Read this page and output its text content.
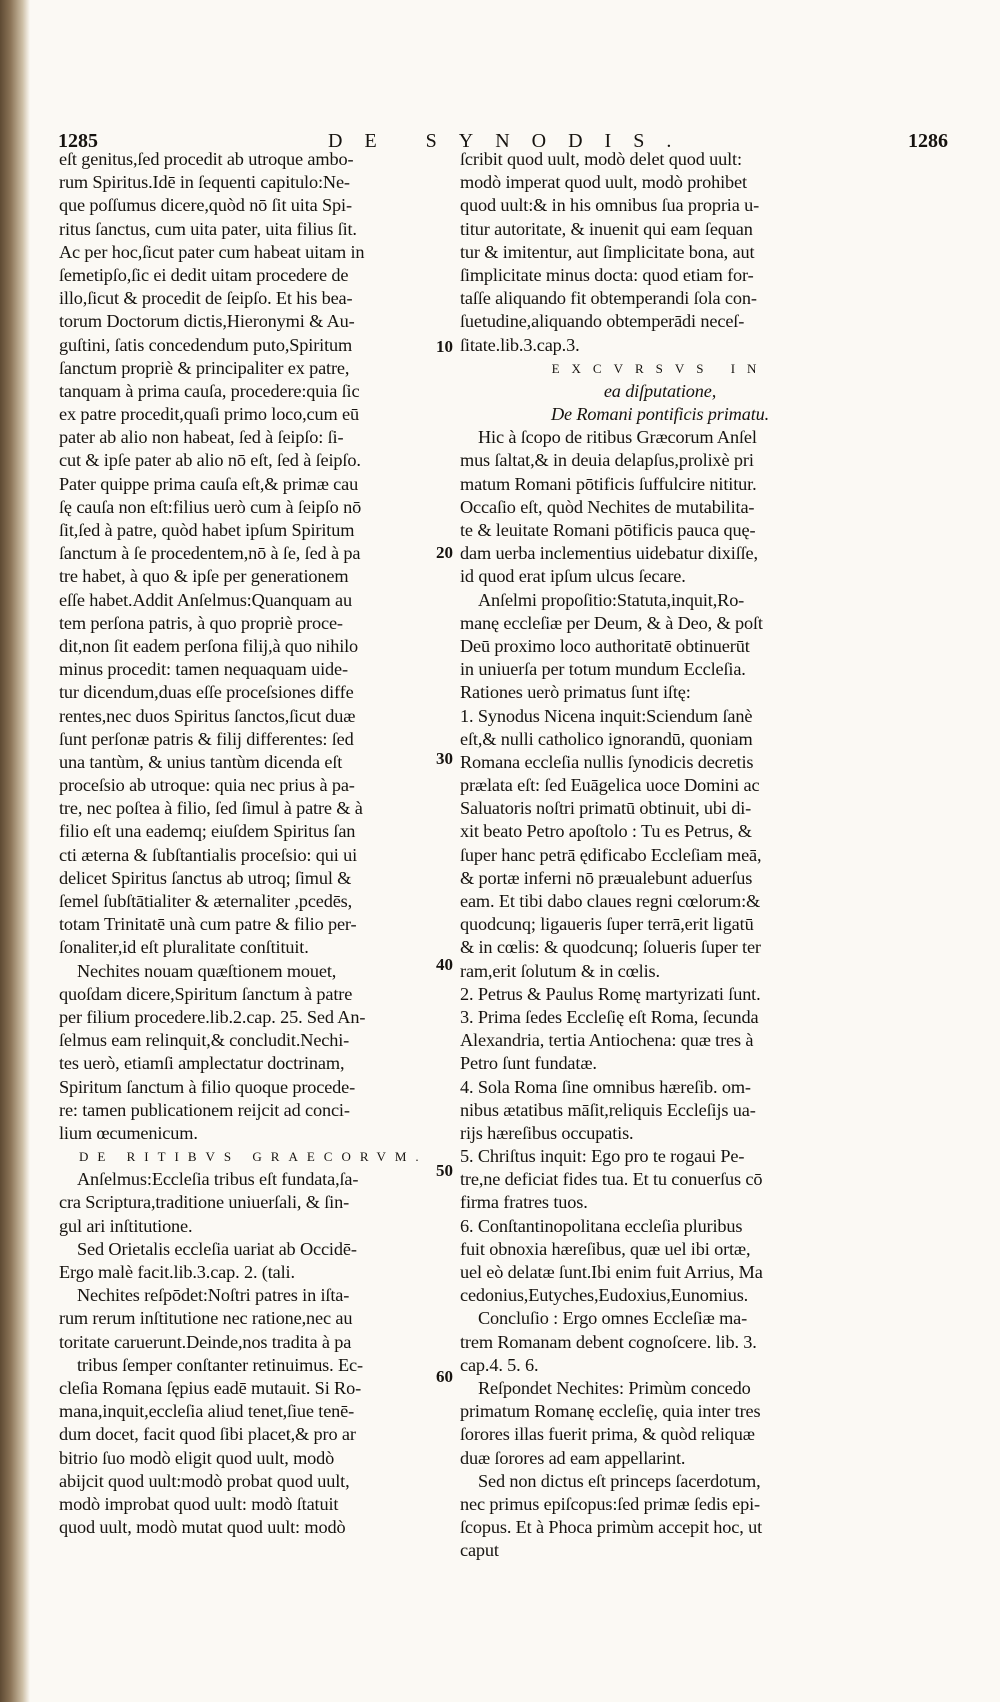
1285	DE SYNODIS.	1286
eſt genitus,ſed procedit ab utroque ambo-
rum Spiritus.Idē in ſequenti capitulo:Ne-
que poſſumus dicere,quòd nō ſit uita Spi-
ritus ſanctus, cum uita pater, uita filius ſit.
Ac per hoc,ſicut pater cum habeat uitam in
ſemetipſo,ſic ei dedit uitam procedere de
illo,ſicut & procedit de ſeipſo. Et his bea-
torum Doctorum dictis,Hieronymi & Au-
guſtini, ſatis concedendum puto,Spiritum
ſanctum propriè & principaliter ex patre,
tanquam à prima cauſa, procedere:quia ſic
ex patre procedit,quaſi primo loco,cum eū
pater ab alio non habeat, ſed à ſeipſo: ſi-
cut & ipſe pater ab alio nō eſt, ſed à ſeipſo.
Pater quippe prima cauſa eſt,& primæ cau
ſę cauſa non eſt:filius uerò cum à ſeipſo nō
ſit,ſed à patre, quòd habet ipſum Spiritum
ſanctum à ſe procedentem,nō à ſe, ſed à pa
tre habet, à quo & ipſe per generationem
eſſe habet.Addit Anſelmus:Quanquam au
tem perſona patris, à quo propriè proce-
dit,non ſit eadem perſona filij,à quo nihilo
minus procedit: tamen nequaquam uide-
tur dicendum,duas eſſe proceſsiones diffe
rentes,nec duos Spiritus ſanctos,ſicut duæ
ſunt perſonæ patris & filij differentes: ſed
una tantùm, & unius tantùm dicenda eſt
proceſsio ab utroque: quia nec prius à pa-
tre, nec poſtea à filio, ſed ſimul à patre & à
filio eſt una eademq; eiuſdem Spiritus ſan
cti æterna & ſubſtantialis proceſsio: qui ui
delicet Spiritus ſanctus ab utroq; ſimul &
ſemel ſubſtātialiter & æternaliter ,pcedēs,
totam Trinitatē unà cum patre & filio per-
ſonaliter,id eſt pluralitate conſtituit.
Nechites nouam quæſtionem mouet,
quoſdam dicere,Spiritum ſanctum à patre
per filium procedere.lib.2.cap. 25. Sed An-
ſelmus eam relinquit,& concludit.Nechi-
tes uerò, etiamſi amplectatur doctrinam,
Spiritum ſanctum à filio quoque procede-
re: tamen publicationem reijcit ad conci-
lium œcumenicum.
DE RITIBVS GRAECORVM.
Anſelmus:Eccleſia tribus eſt fundata,ſa-
cra Scriptura,traditione uniuerſali, & ſin-
gul ari inſtitutione.
Sed Orietalis eccleſia uariat ab Occidē-
Ergo malè facit.lib.3.cap. 2. (tali.
Nechites reſpōdet:Noſtri patres in iſta-
rum rerum inſtitutione nec ratione,nec au
toritate caruerunt.Deinde,nos tradita à pa
tribus ſemper conſtanter retinuimus. Ec-
cleſia Romana ſępius eadē mutauit. Si Ro-
mana,inquit,eccleſia aliud tenet,ſiue tenē-
dum docet, facit quod ſibi placet,& pro ar
bitrio ſuo modò eligit quod uult, modò
abijcit quod uult:modò probat quod uult,
modò improbat quod uult: modò ſtatuit
quod uult, modò mutat quod uult: modò
ſcribit quod uult, modò delet quod uult:
modò imperat quod uult, modò prohibet
quod uult:& in his omnibus ſua propria u-
titur autoritate, & inuenit qui eam ſequan
tur & imitentur, aut ſimplicitate bona, aut
ſimplicitate minus docta: quod etiam for-
taſſe aliquando fit obtemperandi ſola con-
ſuetudine,aliquando obtemperādi neceſ-
ſitate.lib.3.cap.3.
EXCVRSVS IN
ea diſputatione,
De Romani pontificis primatu.
Hic à ſcopo de ritibus Græcorum Anſel
mus ſaltat,& in deuia delapſus,prolixè pri
matum Romani pōtificis ſuffulcire nititur.
Occaſio eſt, quòd Nechites de mutabilita-
te & leuitate Romani pōtificis pauca quę-
dam uerba inclementius uidebatur dixiſſe,
id quod erat ipſum ulcus ſecare.
Anſelmi propoſitio:Statuta,inquit,Ro-
manę eccleſiæ per Deum, & à Deo, & poſt
Deū proximo loco authoritatē obtinuerūt
in uniuerſa per totum mundum Eccleſia.
Rationes uerò primatus ſunt iſtę:
1. Synodus Nicena inquit:Sciendum ſanè
eſt,& nulli catholico ignorandū, quoniam
Romana eccleſia nullis ſynodicis decretis
prælata eſt: ſed Euāgelica uoce Domini ac
Saluatoris noſtri primatū obtinuit, ubi di-
xit beato Petro apoſtolo : Tu es Petrus, &
ſuper hanc petrā ędificabo Eccleſiam meā,
& portæ inferni nō præualebunt aduerſus
eam. Et tibi dabo claues regni cœlorum:&
quodcunq; ligaueris ſuper terrā,erit ligatū
& in cœlis: & quodcunq; ſolueris ſuper ter
ram,erit ſolutum & in cœlis.
2. Petrus & Paulus Romę martyrizati ſunt.
3. Prima ſedes Eccleſię eſt Roma, ſecunda
Alexandria, tertia Antiochena: quæ tres à
Petro ſunt fundatæ.
4. Sola Roma ſine omnibus hæreſib. om-
nibus ætatibus māſit,reliquis Eccleſijs ua-
rijs hæreſibus occupatis.
5. Chriſtus inquit: Ego pro te rogaui Pe-
tre,ne deficiat fides tua. Et tu conuerſus cō
firma fratres tuos.
6. Conſtantinopolitana eccleſia pluribus
fuit obnoxia hæreſibus, quæ uel ibi ortæ,
uel eò delatæ ſunt.Ibi enim fuit Arrius, Ma
cedonius,Eutyches,Eudoxius,Eunomius.
Concluſio : Ergo omnes Eccleſiæ ma-
trem Romanam debent cognoſcere. lib. 3.
cap.4. 5. 6.
Reſpondet Nechites: Primùm concedo
primatum Romanę eccleſię, quia inter tres
ſorores illas fuerit prima, & quòd reliquæ
duæ ſorores ad eam appellarint.
Sed non dictus eſt princeps ſacerdotum,
nec primus epiſcopus:ſed primæ ſedis epi-
ſcopus. Et à Phoca primùm accepit hoc, ut
caput
10
20
30
40
50
60
